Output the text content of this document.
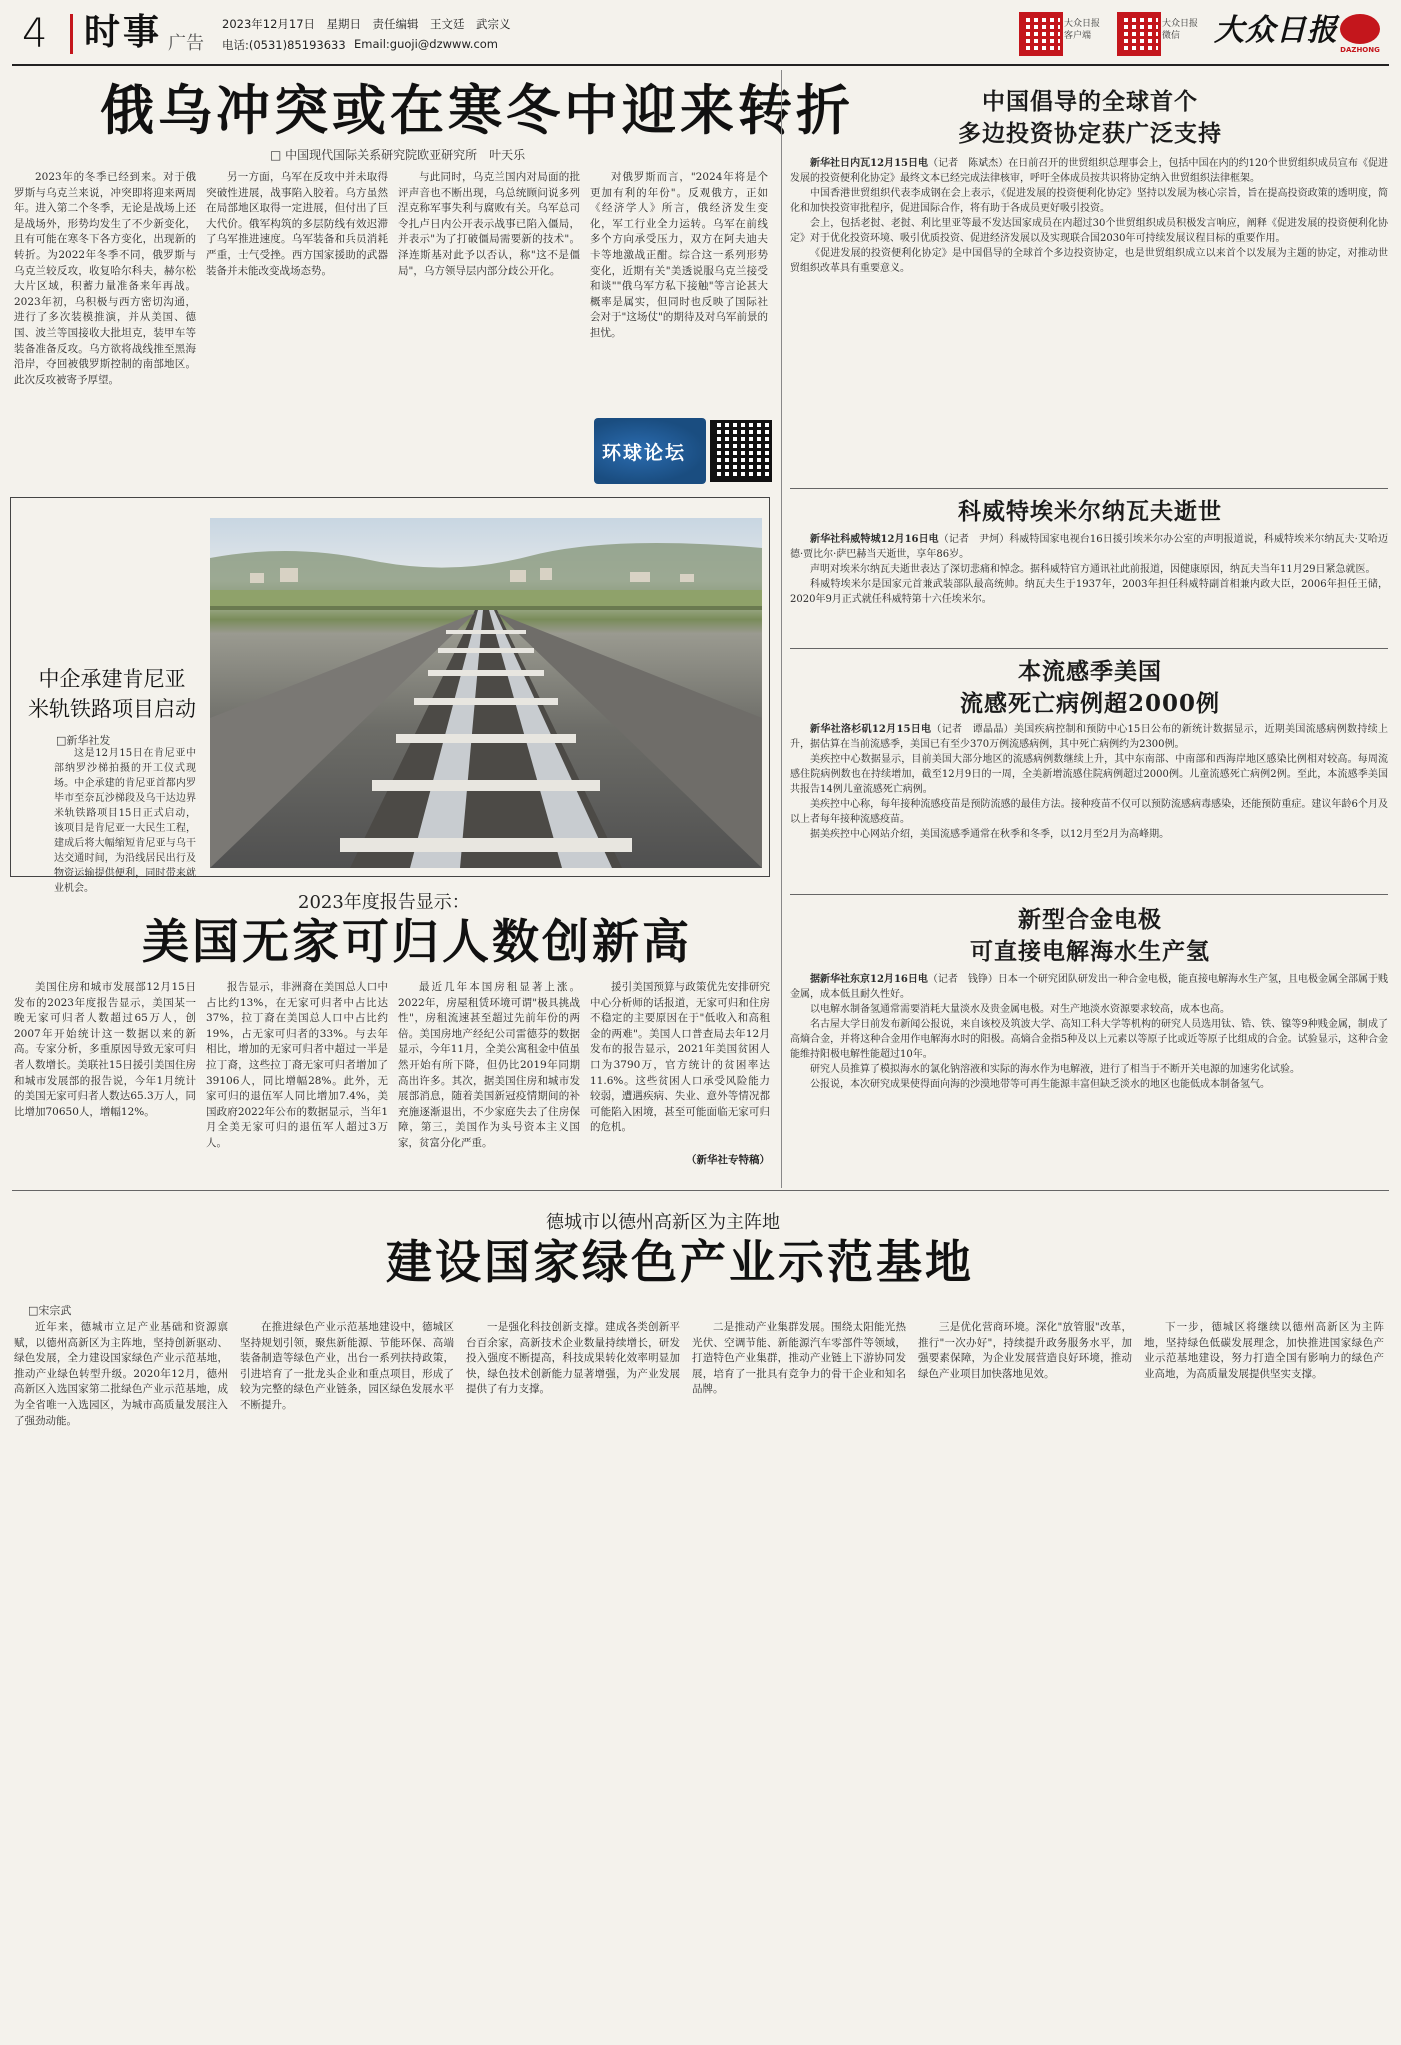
4 时事 广告
2023年12月17日　星期日　责任编辑　王文廷　武宗义
电话:(0531)85193633 Email:guoji@dzwww.com
大众日报客户端
大众日报微信	大众日报
DAZHONG
俄乌冲突或在寒冬中迎来转折
□ 中国现代国际关系研究院欧亚研究所　叶天乐
2023年的冬季已经到来。对于俄罗斯与乌克兰来说，冲突即将迎来两周年。进入第二个冬季，无论是战场上还是战场外，形势均发生了不少新变化，且有可能在寒冬下各方变化，出现新的转折。为2022年冬季不同，俄罗斯与乌克兰较反攻，收复哈尔科夫，赫尔松大片区域，积蓄力量准备来年再战。2023年初，乌积极与西方密切沟通，进行了多次装模推演，并从美国、德国、波兰等国接收大批坦克，装甲车等装备准备反攻。乌方欲将战线推至黑海沿岸，夺回被俄罗斯控制的南部地区。此次反攻被寄予厚望。
另一方面，乌军在反攻中并未取得突破性进展，战事陷入胶着。乌方虽然在局部地区取得一定进展，但付出了巨大代价。俄军构筑的多层防线有效迟滞了乌军推进速度。乌军装备和兵员消耗严重，士气受挫。西方国家援助的武器装备并未能改变战场态势。
与此同时，乌克兰国内对局面的批评声音也不断出现，乌总统顾问说多列涅克称军事失利与腐败有关。乌军总司令扎卢日内公开表示战事已陷入僵局，并表示"为了打破僵局需要新的技术"。泽连斯基对此予以否认，称"这不是僵局"，乌方领导层内部分歧公开化。
对俄罗斯而言，"2024年将是个更加有利的年份"。反观俄方，正如《经济学人》所言，俄经济发生变化，军工行业全力运转。乌军在前线多个方向承受压力，双方在阿夫迪夫卡等地激战正酣。综合这一系列形势变化，近期有关"美透说服乌克兰接受和谈""俄乌军方私下接触"等言论甚大概率是属实，但同时也反映了国际社会对于"这场仗"的期待及对乌军前景的担忧。
环球论坛
中企承建肯尼亚
米轨铁路项目启动
□新华社发
这是12月15日在肯尼亚中部纳罗沙梯拍摄的开工仪式现场。中企承建的肯尼亚首都内罗毕市至奈瓦沙梯段及乌干达边界米轨铁路项目15日正式启动，该项目是肯尼亚一大民生工程，建成后将大幅缩短肯尼亚与乌干达交通时间，为沿线居民出行及物资运输提供便利，同时带来就业机会。
2023年度报告显示：
美国无家可归人数创新高
美国住房和城市发展部12月15日发布的2023年度报告显示，美国某一晚无家可归者人数超过65万人，创2007年开始统计这一数据以来的新高。专家分析，多重原因导致无家可归者人数增长。美联社15日援引美国住房和城市发展部的报告说，今年1月统计的美国无家可归者人数达65.3万人，同比增加70650人，增幅12%。
报告显示，非洲裔在美国总人口中占比约13%，在无家可归者中占比达37%，拉丁裔在美国总人口中占比约19%，占无家可归者的33%。与去年相比，增加的无家可归者中超过一半是拉丁裔，这些拉丁裔无家可归者增加了39106人，同比增幅28%。此外，无家可归的退伍军人同比增加7.4%，美国政府2022年公布的数据显示，当年1月全美无家可归的退伍军人超过3万人。
最近几年本国房租显著上涨。2022年，房屋租赁环境可谓"极具挑战性"，房租流速甚至超过先前年份的两倍。美国房地产经纪公司雷德芬的数据显示，今年11月，全美公寓租金中值虽然开始有所下降，但仍比2019年同期高出许多。其次，据美国住房和城市发展部消息，随着美国新冠疫情期间的补充施逐渐退出，不少家庭失去了住房保障，第三，美国作为头号资本主义国家，贫富分化严重。
援引美国预算与政策优先安排研究中心分析师的话报道，无家可归和住房不稳定的主要原因在于"低收入和高租金的两难"。美国人口普查局去年12月发布的报告显示，2021年美国贫困人口为3790万，官方统计的贫困率达11.6%。这些贫困人口承受风险能力较弱，遭遇疾病、失业、意外等情况都可能陷入困境，甚至可能面临无家可归的危机。
（新华社专特稿）
中国倡导的全球首个
多边投资协定获广泛支持

新华社日内瓦12月15日电（记者　陈斌杰）在日前召开的世贸组织总理事会上，包括中国在内的约120个世贸组织成员宣布《促进发展的投资便利化协定》最终文本已经完成法律核审，呼吁全体成员按共识将协定纳入世贸组织法律框架。

中国香港世贸组织代表李成钢在会上表示，《促进发展的投资便利化协定》坚持以发展为核心宗旨，旨在提高投资政策的透明度，简化和加快投资审批程序，促进国际合作，将有助于各成员更好吸引投资。

会上，包括老挝、老挝、利比里亚等最不发达国家成员在内超过30个世贸组织成员积极发言响应，阐释《促进发展的投资便利化协定》对于优化投资环境、吸引优质投资、促进经济发展以及实现联合国2030年可持续发展议程目标的重要作用。

《促进发展的投资便利化协定》是中国倡导的全球首个多边投资协定，也是世贸组织成立以来首个以发展为主题的协定，对推动世贸组织改革具有重要意义。

科威特埃米尔纳瓦夫逝世

新华社科威特城12月16日电（记者　尹炣）科威特国家电视台16日援引埃米尔办公室的声明报道说，科威特埃米尔纳瓦夫·艾哈迈德·贾比尔·萨巴赫当天逝世，享年86岁。

声明对埃米尔纳瓦夫逝世表达了深切悲痛和悼念。据科威特官方通讯社此前报道，因健康原因，纳瓦夫当年11月29日紧急就医。

科威特埃米尔是国家元首兼武装部队最高统帅。纳瓦夫生于1937年，2003年担任科威特副首相兼内政大臣，2006年担任王储，2020年9月正式就任科威特第十六任埃米尔。

本流感季美国
流感死亡病例超2000例

新华社洛杉矶12月15日电（记者　谭晶晶）美国疾病控制和预防中心15日公布的新统计数据显示，近期美国流感病例数持续上升，据估算在当前流感季，美国已有至少370万例流感病例，其中死亡病例约为2300例。

美疾控中心数据显示，目前美国大部分地区的流感病例数继续上升，其中东南部、中南部和西海岸地区感染比例相对较高。每周流感住院病例数也在持续增加，截至12月9日的一周，全美新增流感住院病例超过2000例。儿童流感死亡病例2例。至此，本流感季美国共报告14例儿童流感死亡病例。

美疾控中心称，每年接种流感疫苗是预防流感的最佳方法。接种疫苗不仅可以预防流感病毒感染，还能预防重症。建议年龄6个月及以上者每年接种流感疫苗。

据美疾控中心网站介绍，美国流感季通常在秋季和冬季，以12月至2月为高峰期。

新型合金电极
可直接电解海水生产氢

据新华社东京12月16日电（记者　钱铮）日本一个研究团队研发出一种合金电极，能直接电解海水生产氢，且电极金属全部属于贱金属，成本低且耐久性好。

以电解水制备氢通常需要消耗大量淡水及贵金属电极。对生产地淡水资源要求较高，成本也高。

名古屋大学日前发布新闻公报说，来自该校及筑波大学、高知工科大学等机构的研究人员选用钛、锆、铁、镍等9种贱金属，制成了高熵合金，并将这种合金用作电解海水时的阳极。高熵合金指5种及以上元素以等原子比或近等原子比组成的合金。试验显示，这种合金能维持阳极电解性能超过10年。

研究人员推算了模拟海水的氯化钠溶液和实际的海水作为电解液，进行了相当于不断开关电源的加速劣化试验。

公报说，本次研究成果使得面向海的沙漠地带等可再生能源丰富但缺乏淡水的地区也能低成本制备氢气。

德城市以德州高新区为主阵地
建设国家绿色产业示范基地
□宋宗武
近年来，德城市立足产业基础和资源禀赋，以德州高新区为主阵地，坚持创新驱动、绿色发展，全力建设国家绿色产业示范基地，推动产业绿色转型升级。2020年12月，德州高新区入选国家第二批绿色产业示范基地，成为全省唯一入选园区，为城市高质量发展注入了强劲动能。
在推进绿色产业示范基地建设中，德城区坚持规划引领，聚焦新能源、节能环保、高端装备制造等绿色产业，出台一系列扶持政策，引进培育了一批龙头企业和重点项目，形成了较为完整的绿色产业链条，园区绿色发展水平不断提升。
一是强化科技创新支撑。建成各类创新平台百余家，高新技术企业数量持续增长，研发投入强度不断提高，科技成果转化效率明显加快，绿色技术创新能力显著增强，为产业发展提供了有力支撑。
二是推动产业集群发展。围绕太阳能光热光伏、空调节能、新能源汽车零部件等领域，打造特色产业集群，推动产业链上下游协同发展，培育了一批具有竞争力的骨干企业和知名品牌。
三是优化营商环境。深化"放管服"改革，推行"一次办好"，持续提升政务服务水平，加强要素保障，为企业发展营造良好环境，推动绿色产业项目加快落地见效。
下一步，德城区将继续以德州高新区为主阵地，坚持绿色低碳发展理念，加快推进国家绿色产业示范基地建设，努力打造全国有影响力的绿色产业高地，为高质量发展提供坚实支撑。
